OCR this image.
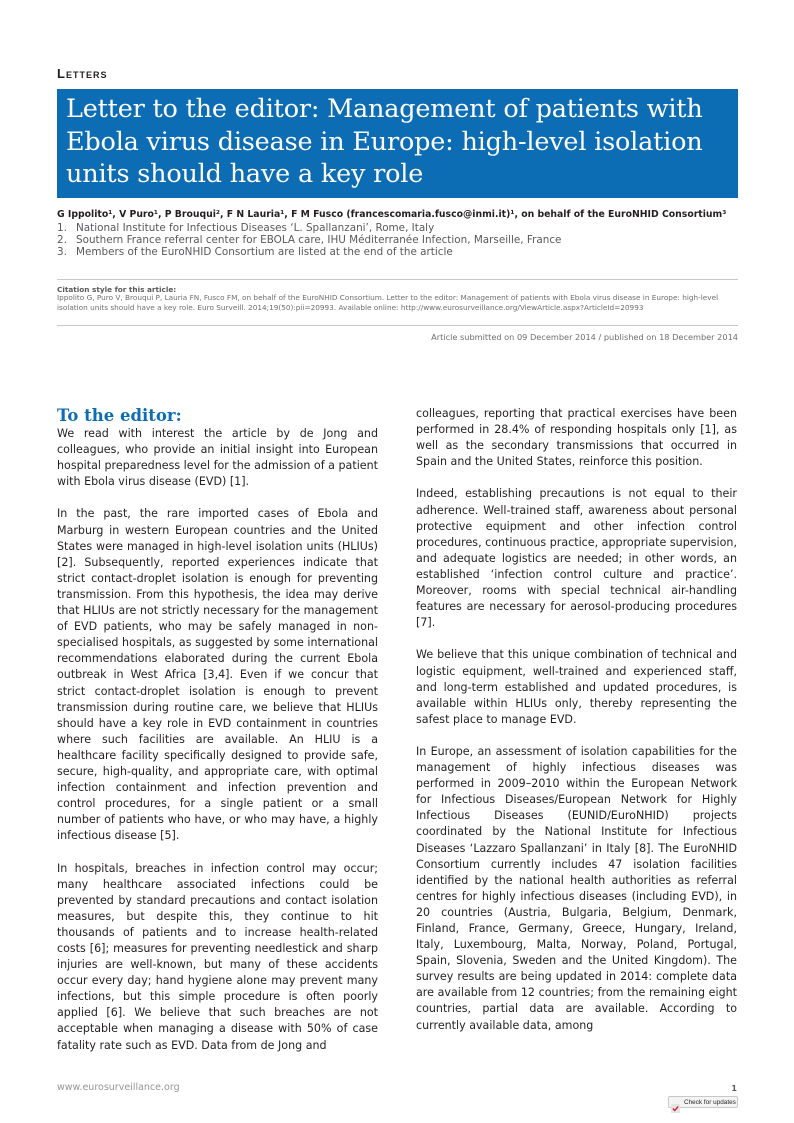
Letters
Letter to the editor: Management of patients with Ebola virus disease in Europe: high-level isolation units should have a key role
G Ippolito¹, V Puro¹, P Brouqui², F N Lauria¹, F M Fusco (francescomaria.fusco@inmi.it)¹, on behalf of the EuroNHID Consortium³
1. National Institute for Infectious Diseases ‘L. Spallanzani’, Rome, Italy
2. Southern France referral center for EBOLA care, IHU Méditerranée Infection, Marseille, France
3. Members of the EuroNHID Consortium are listed at the end of the article
Citation style for this article:
Ippolito G, Puro V, Brouqui P, Lauria FN, Fusco FM, on behalf of the EuroNHID Consortium. Letter to the editor: Management of patients with Ebola virus disease in Europe: high-level isolation units should have a key role. Euro Surveill. 2014;19(50):pii=20993. Available online: http://www.eurosurveillance.org/ViewArticle.aspx?ArticleId=20993
Article submitted on 09 December 2014 / published on 18 December 2014
To the editor:

We read with interest the article by de Jong and colleagues, who provide an initial insight into European hospital preparedness level for the admission of a patient with Ebola virus disease (EVD) [1].

In the past, the rare imported cases of Ebola and Marburg in western European countries and the United States were managed in high-level isolation units (HLIUs) [2]. Subsequently, reported experiences indicate that strict contact-droplet isolation is enough for preventing transmission. From this hypothesis, the idea may derive that HLIUs are not strictly necessary for the management of EVD patients, who may be safely managed in non-specialised hospitals, as suggested by some international recommendations elaborated during the current Ebola outbreak in West Africa [3,4]. Even if we concur that strict contact-droplet isolation is enough to prevent transmission during routine care, we believe that HLIUs should have a key role in EVD containment in countries where such facilities are available. An HLIU is a healthcare facility specifically designed to provide safe, secure, high-quality, and appropriate care, with optimal infection containment and infection prevention and control procedures, for a single patient or a small number of patients who have, or who may have, a highly infectious disease [5].

In hospitals, breaches in infection control may occur; many healthcare associated infections could be prevented by standard precautions and contact isolation measures, but despite this, they continue to hit thousands of patients and to increase health-related costs [6]; measures for preventing needlestick and sharp injuries are well-known, but many of these accidents occur every day; hand hygiene alone may prevent many infections, but this simple procedure is often poorly applied [6]. We believe that such breaches are not acceptable when managing a disease with 50% of case fatality rate such as EVD. Data from de Jong and

colleagues, reporting that practical exercises have been performed in 28.4% of responding hospitals only [1], as well as the secondary transmissions that occurred in Spain and the United States, reinforce this position.

Indeed, establishing precautions is not equal to their adherence. Well-trained staff, awareness about personal protective equipment and other infection control procedures, continuous practice, appropriate supervision, and adequate logistics are needed; in other words, an established ‘infection control culture and practice’. Moreover, rooms with special technical air-handling features are necessary for aerosol-producing procedures [7].

We believe that this unique combination of technical and logistic equipment, well-trained and experienced staff, and long-term established and updated procedures, is available within HLIUs only, thereby representing the safest place to manage EVD.

In Europe, an assessment of isolation capabilities for the management of highly infectious diseases was performed in 2009–2010 within the European Network for Infectious Diseases/European Network for Highly Infectious Diseases (EUNID/EuroNHID) projects coordinated by the National Institute for Infectious Diseases ‘Lazzaro Spallanzani’ in Italy [8]. The EuroNHID Consortium currently includes 47 isolation facilities identified by the national health authorities as referral centres for highly infectious diseases (including EVD), in 20 countries (Austria, Bulgaria, Belgium, Denmark, Finland, France, Germany, Greece, Hungary, Ireland, Italy, Luxembourg, Malta, Norway, Poland, Portugal, Spain, Slovenia, Sweden and the United Kingdom). The survey results are being updated in 2014: complete data are available from 12 countries; from the remaining eight countries, partial data are available. According to currently available data, among

www.eurosurveillance.org	1
Check for updates
